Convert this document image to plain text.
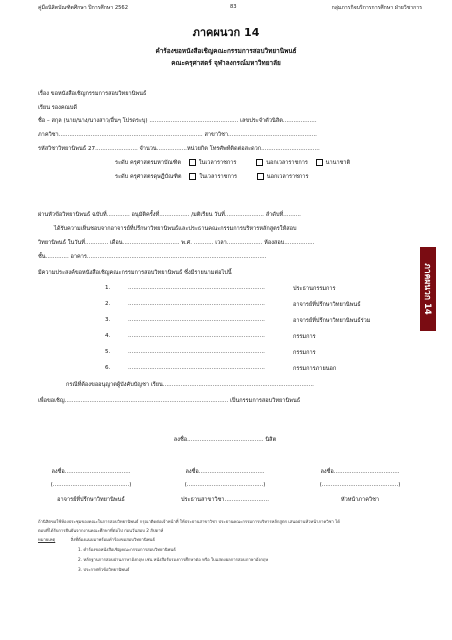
คู่มือนิสิตบัณฑิตศึกษา ปีการศึกษา 2562	83	กลุ่มภารกิจบริการการศึกษา ฝ่ายวิชาการ
ภาคผนวก 14
คำร้องขอหนังสือเชิญคณะกรรมการสอบวิทยานิพนธ์
คณะครุศาสตร์ จุฬาลงกรณ์มหาวิทยาลัย
เรื่อง ขอหนังสือเชิญกรรมการสอบวิทยานิพนธ์
เรียน รองคณบดี
ชื่อ – สกุล (นาย/นาง/นางสาว/อื่นๆ โปรดระบุ) .................................................. เลขประจำตัวนิสิต...................
ภาควิชา................................................................................. สาขาวิชา..................................................
รหัสวิชาวิทยานิพนธ์ 27........................ จำนวน.................หน่วยกิต โทรศัพท์ติดต่อสะดวก.................................
ระดับ ครุศาสตรมหาบัณฑิต	ในเวลาราชการ	นอกเวลาราชการ	นานาชาติ
ระดับ ครุศาสตรดุษฎีบัณฑิต	ในเวลาราชการ	นอกเวลาราชการ
ผ่านหัวข้อวิทยานิพนธ์ ฉบับที่............. อนุมัติครั้งที่................. /มติเรียน วันที่...................... ลำดับที่..........
ได้รับความเห็นชอบจากอาจารย์ที่ปรึกษาวิทยานิพนธ์และประธานคณะกรรมการบริหารหลักสูตรให้สอบ
วิทยานิพนธ์ ในวันที่............. เดือน................................ พ.ศ. ........... เวลา.................... ห้องสอบ.................
ชั้น............. อาคาร.....................................................................................................
มีความประสงค์ขอหนังสือเชิญคณะกรรมการสอบวิทยานิพนธ์ ซึ่งมีรายนามต่อไปนี้
1.	.............................................................................	ประธานกรรมการ
2.	.............................................................................	อาจารย์ที่ปรึกษาวิทยานิพนธ์
3.	.............................................................................	อาจารย์ที่ปรึกษาวิทยานิพนธ์ร่วม
4.	.............................................................................	กรรมการ
5.	.............................................................................	กรรมการ
6.	.............................................................................	กรรมการภายนอก
กรณีที่ต้องขออนุญาตผู้บังคับบัญชา เรียน.....................................................................................
เพื่อขอเชิญ............................................................................................ เป็นกรรมการสอบวิทยานิพนธ์
ลงชื่อ........................................... นิสิต
ลงชื่อ.....................................
(...........................................)
อาจารย์ที่ปรึกษาวิทยานิพนธ์
ลงชื่อ.....................................
(...........................................)
ประธานสาขาวิชา.........................
ลงชื่อ.....................................
(...........................................)
หัวหน้าภาควิชา
ภาคผนวก 14
ถ้านิสิตขอใช้ห้องประชุมของคณะในการสอบวิทยานิพนธ์ กรุณาติดต่อเจ้าหน้าที่ ให้ประธานสาขาวิชา ประธานคณะกรรมการบริหารหลักสูตร เสนอผ่านหัวหน้าภาควิชา ได้
ตอบที่ได้รับการยืนยันจากงานคณะศึกษาที่ต่อไป ก่อนวันสอบ 2 สัปดาห์
หมายเหตุ	สิ่งที่ต้องแนบมาพร้อมคำร้องขอสอบวิทยานิพนธ์
1. คำร้องขอหนังสือเชิญคณะกรรมการสอบวิทยานิพนธ์
2. หลักฐานการสอบผ่านภาษาอังกฤษ เช่น หนังสือรับรองการศึกษาต่อ หรือ ใบแสดงผลการสอบภาษาอังกฤษ
3. ประกาศหัวข้อวิทยานิพนธ์
